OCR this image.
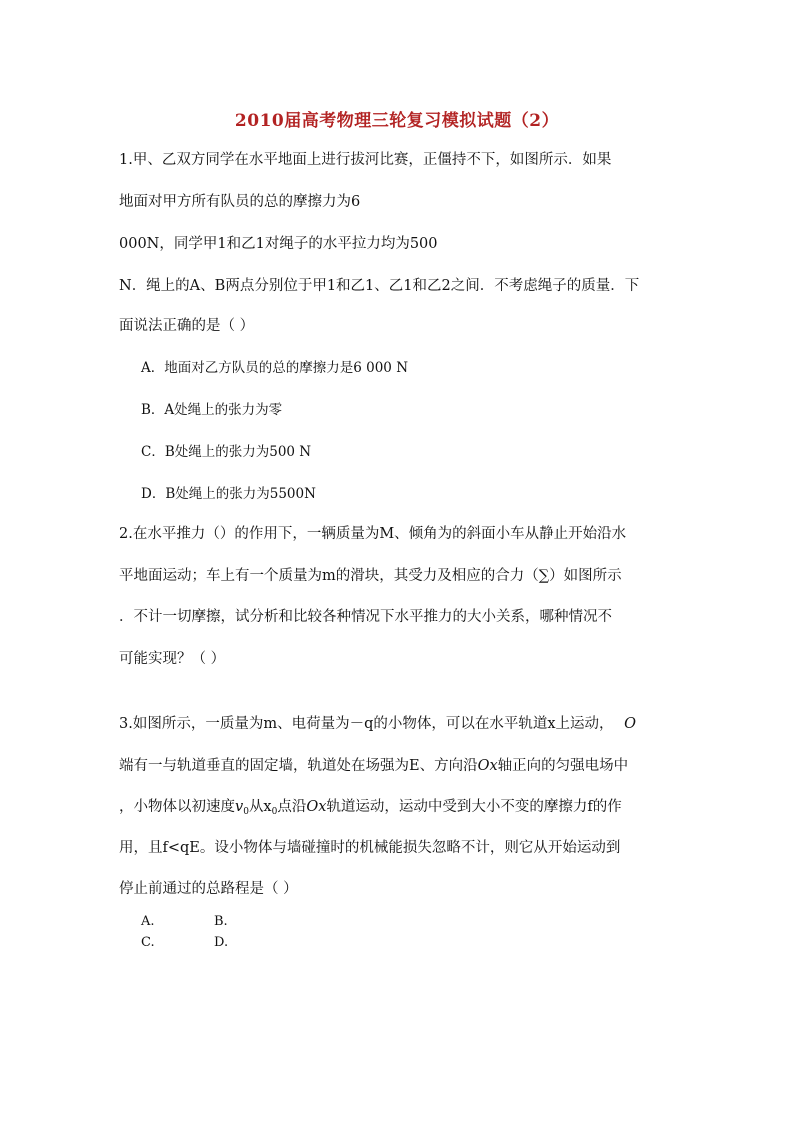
2010届高考物理三轮复习模拟试题（2）
1.甲、乙双方同学在水平地面上进行拔河比赛，正僵持不下，如图所示．如果
地面对甲方所有队员的总的摩擦力为6
000N，同学甲1和乙1对绳子的水平拉力均为500
N．绳上的A、B两点分别位于甲1和乙1、乙1和乙2之间．不考虑绳子的质量．下
面说法正确的是（ ）
A．地面对乙方队员的总的摩擦力是6 000 N
B．A处绳上的张力为零
C．B处绳上的张力为500 N
D．B处绳上的张力为5500N
2.在水平推力（）的作用下，一辆质量为M、倾角为的斜面小车从静止开始沿水
平地面运动；车上有一个质量为m的滑块，其受力及相应的合力（∑）如图所示
．不计一切摩擦，试分析和比较各种情况下水平推力的大小关系，哪种情况不
可能实现？（ ）
3.如图所示，一质量为m、电荷量为－q的小物体，可以在水平轨道x上运动， O
端有一与轨道垂直的固定墙，轨道处在场强为E、方向沿Ox轴正向的匀强电场中
，小物体以初速度$v_0$从$x_0$点沿Ox轨道运动，运动中受到大小不变的摩擦力f的作
用，且f<qE。设小物体与墙碰撞时的机械能损失忽略不计，则它从开始运动到
停止前通过的总路程是（ ）
A.	B.
C.	D.
